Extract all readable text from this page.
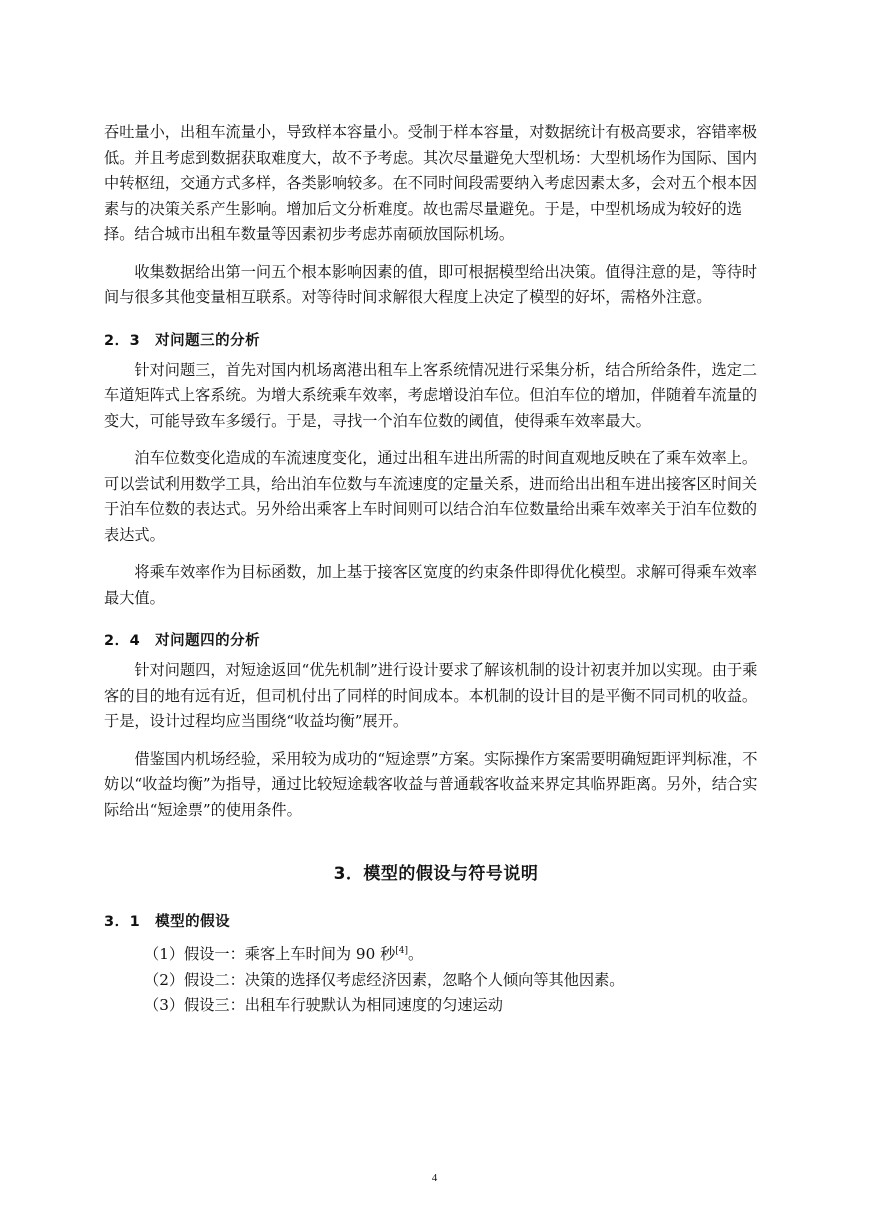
吞吐量小，出租车流量小，导致样本容量小。受制于样本容量，对数据统计有极高要求，容错率极低。并且考虑到数据获取难度大，故不予考虑。其次尽量避免大型机场：大型机场作为国际、国内中转枢纽，交通方式多样，各类影响较多。在不同时间段需要纳入考虑因素太多，会对五个根本因素与的决策关系产生影响。增加后文分析难度。故也需尽量避免。于是，中型机场成为较好的选择。结合城市出租车数量等因素初步考虑苏南硕放国际机场。

收集数据给出第一问五个根本影响因素的值，即可根据模型给出决策。值得注意的是，等待时间与很多其他变量相互联系。对等待时间求解很大程度上决定了模型的好坏，需格外注意。

2．3　对问题三的分析

针对问题三，首先对国内机场离港出租车上客系统情况进行采集分析，结合所给条件，选定二车道矩阵式上客系统。为增大系统乘车效率，考虑增设泊车位。但泊车位的增加，伴随着车流量的变大，可能导致车多缓行。于是，寻找一个泊车位数的阈值，使得乘车效率最大。

泊车位数变化造成的车流速度变化，通过出租车进出所需的时间直观地反映在了乘车效率上。可以尝试利用数学工具，给出泊车位数与车流速度的定量关系，进而给出出租车进出接客区时间关于泊车位数的表达式。另外给出乘客上车时间则可以结合泊车位数量给出乘车效率关于泊车位数的表达式。

将乘车效率作为目标函数，加上基于接客区宽度的约束条件即得优化模型。求解可得乘车效率最大值。

2．4　对问题四的分析

针对问题四，对短途返回“优先机制”进行设计要求了解该机制的设计初衷并加以实现。由于乘客的目的地有远有近，但司机付出了同样的时间成本。本机制的设计目的是平衡不同司机的收益。于是，设计过程均应当围绕“收益均衡”展开。

借鉴国内机场经验，采用较为成功的“短途票”方案。实际操作方案需要明确短距评判标准，不妨以“收益均衡”为指导，通过比较短途载客收益与普通载客收益来界定其临界距离。另外，结合实际给出“短途票”的使用条件。

3．模型的假设与符号说明
3．1　模型的假设
（1）假设一：乘客上车时间为 90 秒[4]。
（2）假设二：决策的选择仅考虑经济因素，忽略个人倾向等其他因素。
（3）假设三：出租车行驶默认为相同速度的匀速运动
4
